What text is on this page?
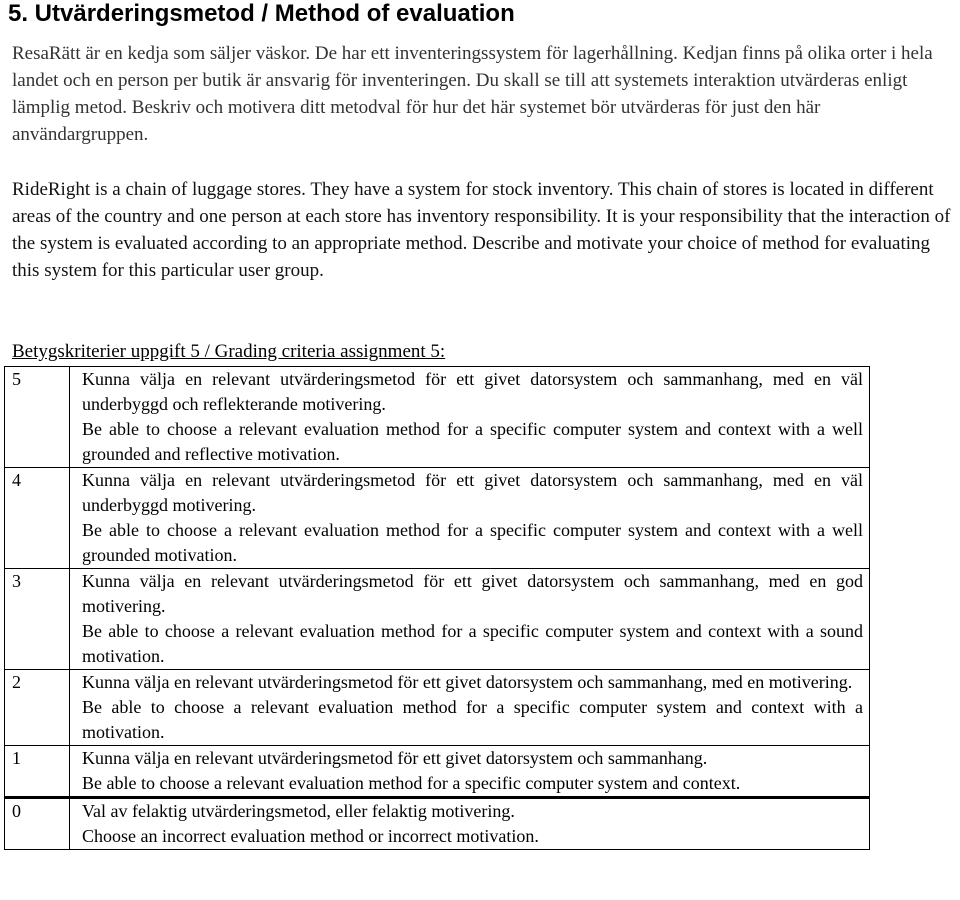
5. Utvärderingsmetod / Method of evaluation

ResaRätt är en kedja som säljer väskor. De har ett inventeringssystem för lagerhållning. Kedjan finns på olika orter i hela landet och en person per butik är ansvarig för inventeringen. Du skall se till att systemets interaktion utvärderas enligt lämplig metod. Beskriv och motivera ditt metodval för hur det här systemet bör utvärderas för just den här användargruppen.

RideRight is a chain of luggage stores. They have a system for stock inventory. This chain of stores is located in different areas of the country and one person at each store has inventory responsibility. It is your responsibility that the interaction of the system is evaluated according to an appropriate method. Describe and motivate your choice of method for evaluating this system for this particular user group.

Betygskriterier uppgift 5 / Grading criteria assignment 5:

5	Kunna välja en relevant utvärderingsmetod för ett givet datorsystem och sammanhang, med en väl underbyggd och reflekterande motivering.
Be able to choose a relevant evaluation method for a specific computer system and context with a well grounded and reflective motivation.

4	Kunna välja en relevant utvärderingsmetod för ett givet datorsystem och sammanhang, med en väl underbyggd motivering.
Be able to choose a relevant evaluation method for a specific computer system and context with a well grounded motivation.

3	Kunna välja en relevant utvärderingsmetod för ett givet datorsystem och sammanhang, med en god motivering.
Be able to choose a relevant evaluation method for a specific computer system and context with a sound motivation.

2	Kunna välja en relevant utvärderingsmetod för ett givet datorsystem och sammanhang, med en motivering.
Be able to choose a relevant evaluation method for a specific computer system and context with a motivation.

1	Kunna välja en relevant utvärderingsmetod för ett givet datorsystem och sammanhang.
Be able to choose a relevant evaluation method for a specific computer system and context.

0	Val av felaktig utvärderingsmetod, eller felaktig motivering.
Choose an incorrect evaluation method or incorrect motivation.
